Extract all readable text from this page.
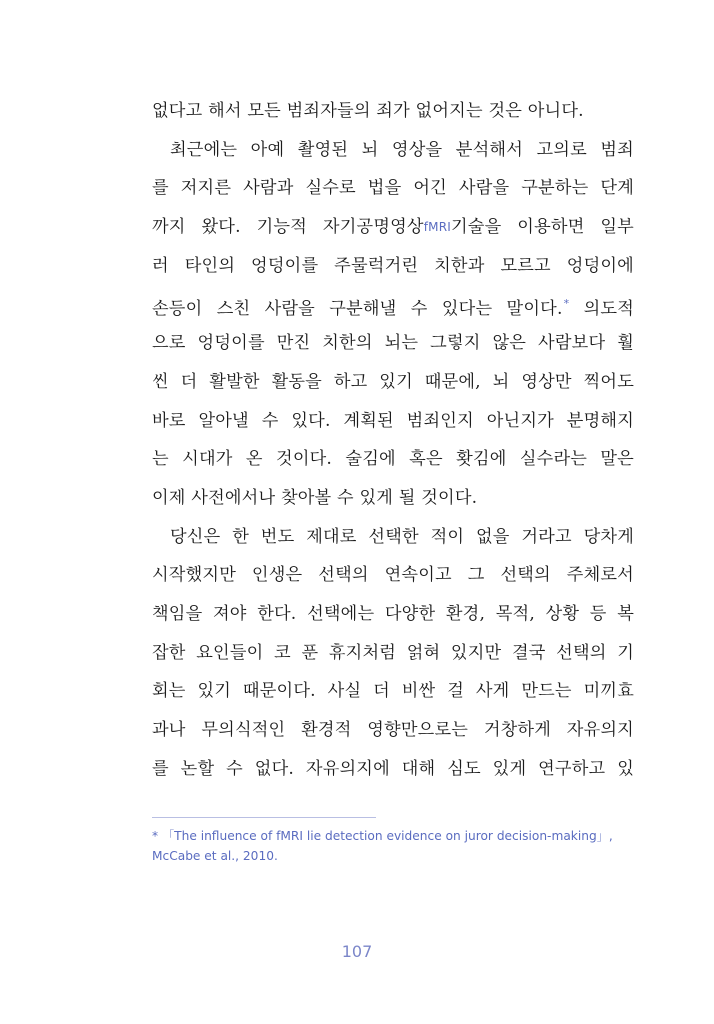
없다고 해서 모든 범죄자들의 죄가 없어지는 것은 아니다.
최근에는 아예 촬영된 뇌 영상을 분석해서 고의로 범죄
를 저지른 사람과 실수로 법을 어긴 사람을 구분하는 단계
까지 왔다. 기능적 자기공명영상fMRI기술을 이용하면 일부
러 타인의 엉덩이를 주물럭거린 치한과 모르고 엉덩이에
손등이 스친 사람을 구분해낼 수 있다는 말이다.* 의도적
으로 엉덩이를 만진 치한의 뇌는 그렇지 않은 사람보다 훨
씬 더 활발한 활동을 하고 있기 때문에, 뇌 영상만 찍어도
바로 알아낼 수 있다. 계획된 범죄인지 아닌지가 분명해지
는 시대가 온 것이다. 술김에 혹은 홧김에 실수라는 말은
이제 사전에서나 찾아볼 수 있게 될 것이다.
당신은 한 번도 제대로 선택한 적이 없을 거라고 당차게
시작했지만 인생은 선택의 연속이고 그 선택의 주체로서
책임을 져야 한다. 선택에는 다양한 환경, 목적, 상황 등 복
잡한 요인들이 코 푼 휴지처럼 얽혀 있지만 결국 선택의 기
회는 있기 때문이다. 사실 더 비싼 걸 사게 만드는 미끼효
과나 무의식적인 환경적 영향만으로는 거창하게 자유의지
를 논할 수 없다. 자유의지에 대해 심도 있게 연구하고 있
* 「The influence of fMRI lie detection evidence on juror decision-making」,
McCabe et al., 2010.
107
